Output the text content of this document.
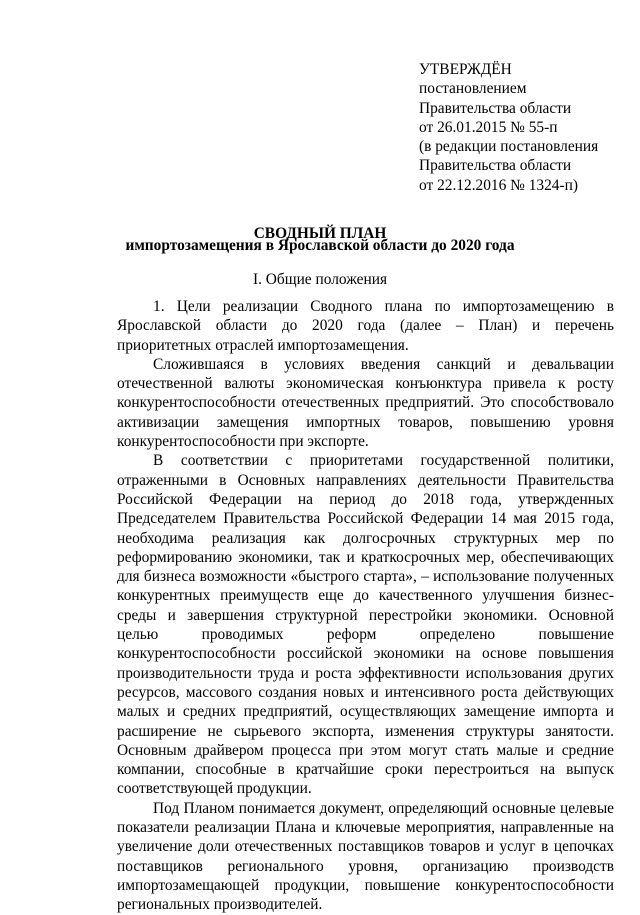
УТВЕРЖДЁН
постановлением
Правительства области
от 26.01.2015 № 55-п
(в редакции постановления
Правительства области
от 22.12.2016 № 1324-п)
СВОДНЫЙ ПЛАН
импортозамещения в Ярославской области до 2020 года
I. Общие положения

1. Цели реализации Сводного плана по импортозамещению в Ярославской области до 2020 года (далее – План) и перечень приоритетных отраслей импортозамещения.

Сложившаяся в условиях введения санкций и девальвации отечественной валюты экономическая конъюнктура привела к росту конкурентоспособности отечественных предприятий. Это способствовало активизации замещения импортных товаров, повышению уровня конкурентоспособности при экспорте.

В соответствии с приоритетами государственной политики, отраженными в Основных направлениях деятельности Правительства Российской Федерации на период до 2018 года, утвержденных Председателем Правительства Российской Федерации 14 мая 2015 года, необходима реализация как долгосрочных структурных мер по реформированию экономики, так и краткосрочных мер, обеспечивающих для бизнеса возможности «быстрого старта», – использование полученных конкурентных преимуществ еще до качественного улучшения бизнес-среды и завершения структурной перестройки экономики. Основной целью проводимых реформ определено повышение конкурентоспособности российской экономики на основе повышения производительности труда и роста эффективности использования других ресурсов, массового создания новых и интенсивного роста действующих малых и средних предприятий, осуществляющих замещение импорта и расширение не сырьевого экспорта, изменения структуры занятости. Основным драйвером процесса при этом могут стать малые и средние компании, способные в кратчайшие сроки перестроиться на выпуск соответствующей продукции.

Под Планом понимается документ, определяющий основные целевые показатели реализации Плана и ключевые мероприятия, направленные на увеличение доли отечественных поставщиков товаров и услуг в цепочках поставщиков регионального уровня, организацию производств импортозамещающей продукции, повышение конкурентоспособности региональных производителей.
